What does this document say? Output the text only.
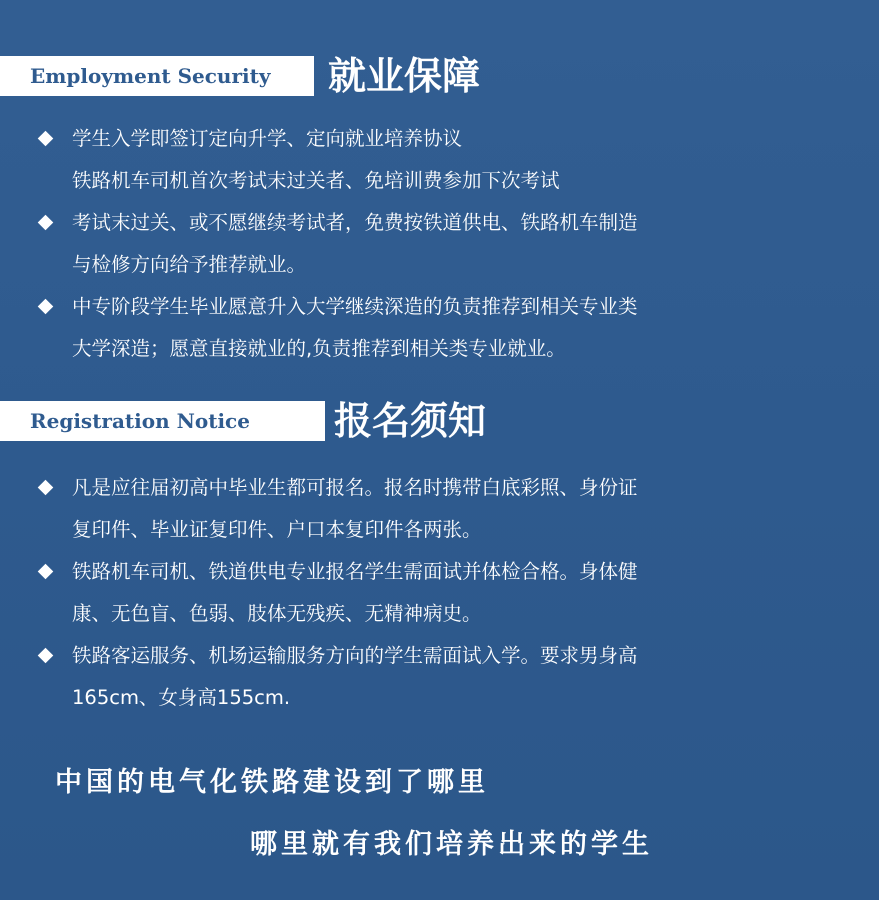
Employment Security 就业保障
学生入学即签订定向升学、定向就业培养协议
铁路机车司机首次考试末过关者、免培训费参加下次考试
考试末过关、或不愿继续考试者，免费按铁道供电、铁路机车制造
与检修方向给予推荐就业。
中专阶段学生毕业愿意升入大学继续深造的负责推荐到相关专业类
大学深造；愿意直接就业的,负责推荐到相关类专业就业。
Registration Notice 报名须知
凡是应往届初高中毕业生都可报名。报名时携带白底彩照、身份证
复印件、毕业证复印件、户口本复印件各两张。
铁路机车司机、铁道供电专业报名学生需面试并体检合格。身体健
康、无色盲、色弱、肢体无残疾、无精神病史。
铁路客运服务、机场运输服务方向的学生需面试入学。要求男身高
165cm、女身高155cm.
中国的电气化铁路建设到了哪里
哪里就有我们培养出来的学生
